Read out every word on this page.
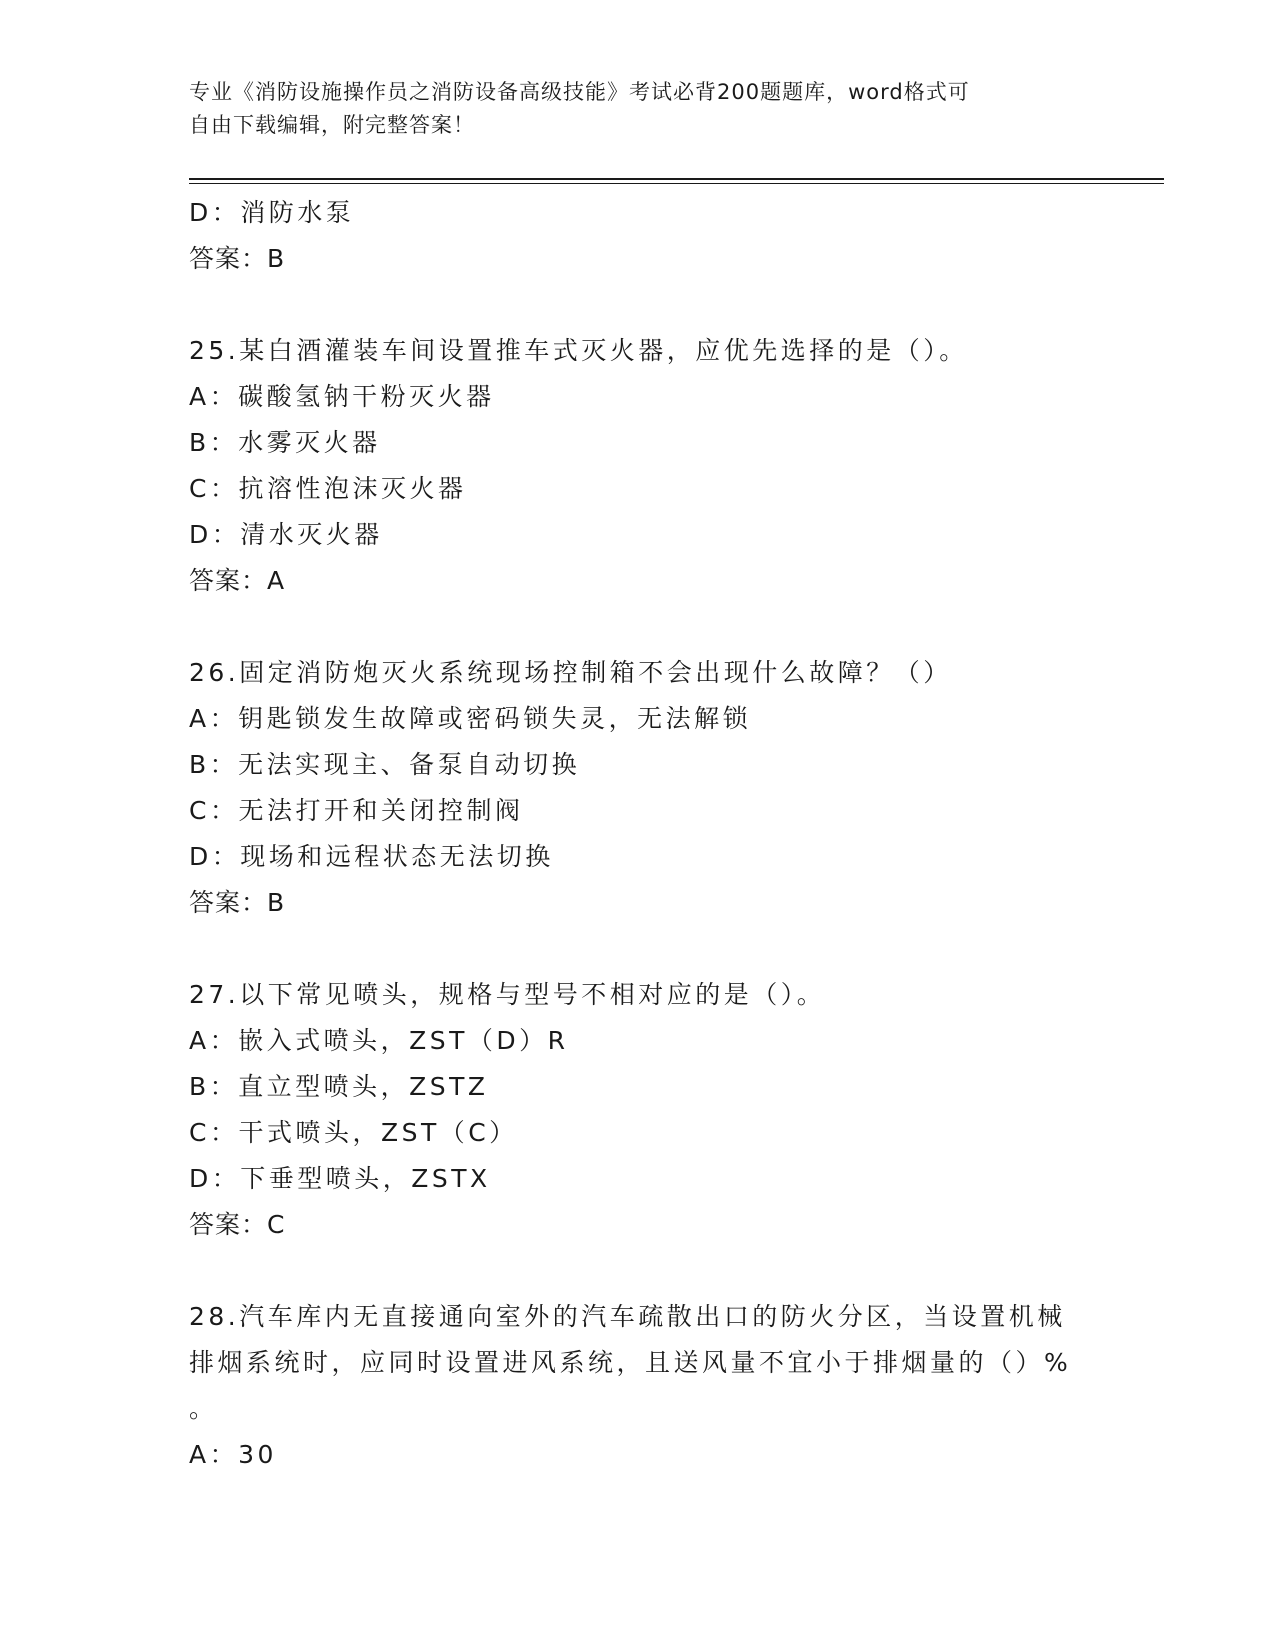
专业《消防设施操作员之消防设备高级技能》考试必背200题题库，word格式可
自由下载编辑，附完整答案！
D：消防水泵
答案：B
25.某白酒灌装车间设置推车式灭火器，应优先选择的是（）。
A：碳酸氢钠干粉灭火器
B：水雾灭火器
C：抗溶性泡沫灭火器
D：清水灭火器
答案：A
26.固定消防炮灭火系统现场控制箱不会出现什么故障？（）
A：钥匙锁发生故障或密码锁失灵，无法解锁
B：无法实现主、备泵自动切换
C：无法打开和关闭控制阀
D：现场和远程状态无法切换
答案：B
27.以下常见喷头，规格与型号不相对应的是（）。
A：嵌入式喷头，ZST（D）R
B：直立型喷头，ZSTZ
C：干式喷头，ZST（C）
D：下垂型喷头，ZSTX
答案：C
28.汽车库内无直接通向室外的汽车疏散出口的防火分区，当设置机械
排烟系统时，应同时设置进风系统，且送风量不宜小于排烟量的（）%
。
A：30
